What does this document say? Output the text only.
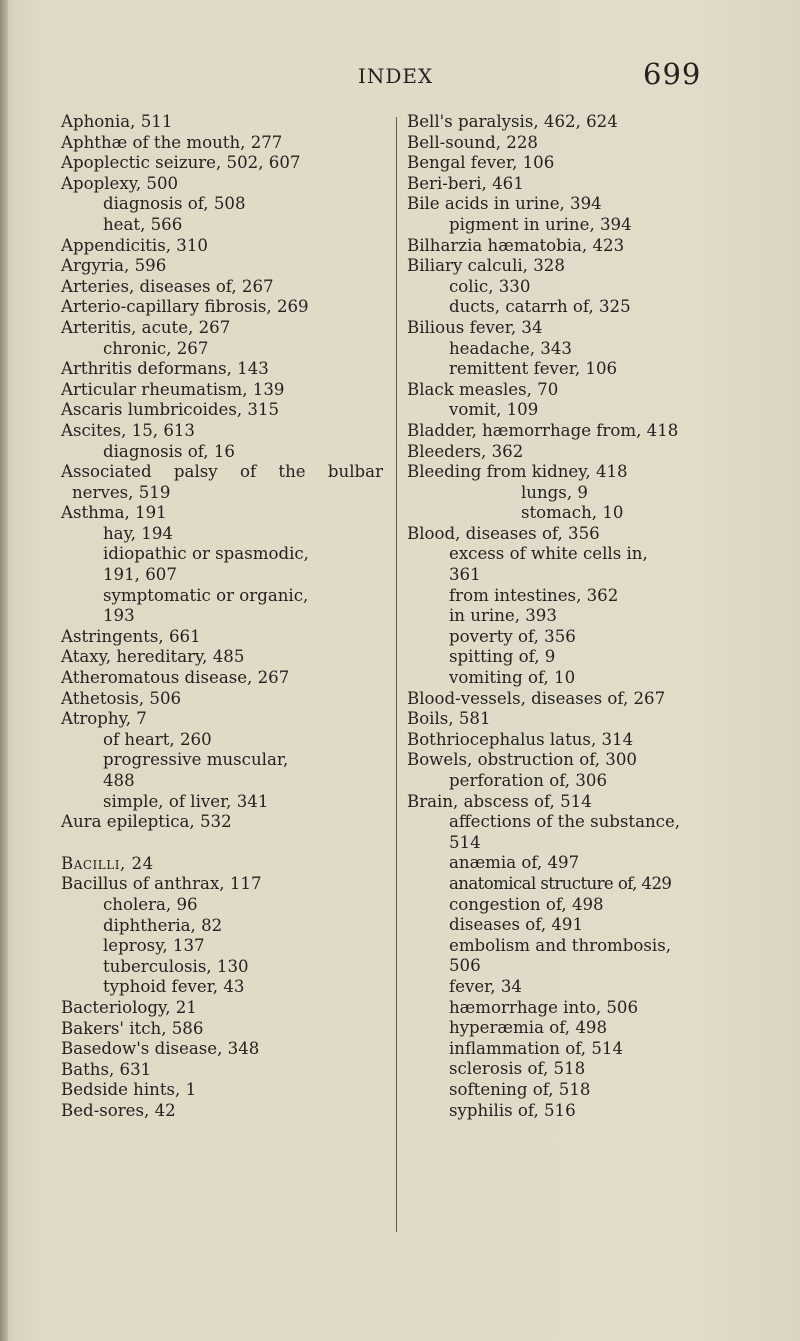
INDEX	699
Aphonia, 511
Aphthæ of the mouth, 277
Apoplectic seizure, 502, 607
Apoplexy, 500
diagnosis of, 508
heat, 566
Appendicitis, 310
Argyria, 596
Arteries, diseases of, 267
Arterio-capillary fibrosis, 269
Arteritis, acute, 267
chronic, 267
Arthritis deformans, 143
Articular rheumatism, 139
Ascaris lumbricoides, 315
Ascites, 15, 613
diagnosis of, 16
Associated palsy of the bulbar
nerves, 519
Asthma, 191
hay, 194
idiopathic or spasmodic,
191, 607
symptomatic or organic,
193
Astringents, 661
Ataxy, hereditary, 485
Atheromatous disease, 267
Athetosis, 506
Atrophy, 7
of heart, 260
progressive muscular,
488
simple, of liver, 341
Aura epileptica, 532
Bacilli, 24
Bacillus of anthrax, 117
cholera, 96
diphtheria, 82
leprosy, 137
tuberculosis, 130
typhoid fever, 43
Bacteriology, 21
Bakers' itch, 586
Basedow's disease, 348
Baths, 631
Bedside hints, 1
Bed-sores, 42
Bell's paralysis, 462, 624
Bell-sound, 228
Bengal fever, 106
Beri-beri, 461
Bile acids in urine, 394
pigment in urine, 394
Bilharzia hæmatobia, 423
Biliary calculi, 328
colic, 330
ducts, catarrh of, 325
Bilious fever, 34
headache, 343
remittent fever, 106
Black measles, 70
vomit, 109
Bladder, hæmorrhage from, 418
Bleeders, 362
Bleeding from kidney, 418
lungs, 9
stomach, 10
Blood, diseases of, 356
excess of white cells in,
361
from intestines, 362
in urine, 393
poverty of, 356
spitting of, 9
vomiting of, 10
Blood-vessels, diseases of, 267
Boils, 581
Bothriocephalus latus, 314
Bowels, obstruction of, 300
perforation of, 306
Brain, abscess of, 514
affections of the substance,
514
anæmia of, 497
anatomical structure of, 429
congestion of, 498
diseases of, 491
embolism and thrombosis,
506
fever, 34
hæmorrhage into, 506
hyperæmia of, 498
inflammation of, 514
sclerosis of, 518
softening of, 518
syphilis of, 516
